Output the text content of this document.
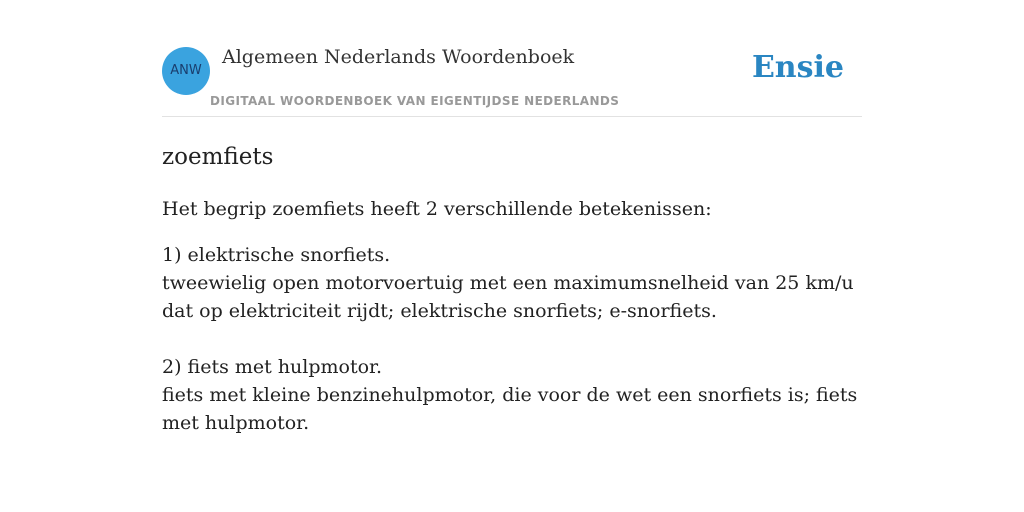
ANW
Algemeen Nederlands Woordenboek
DIGITAAL WOORDENBOEK VAN EIGENTIJDSE NEDERLANDS
Ensie
zoemfiets

Het begrip zoemfiets heeft 2 verschillende betekenissen:

1) elektrische snorfiets.
tweewielig open motorvoertuig met een maximumsnelheid van 25 km/u dat op elektriciteit rijdt; elektrische snorfiets; e-snorfiets.
2) fiets met hulpmotor.
fiets met kleine benzinehulpmotor, die voor de wet een snorfiets is; fiets met hulpmotor.
